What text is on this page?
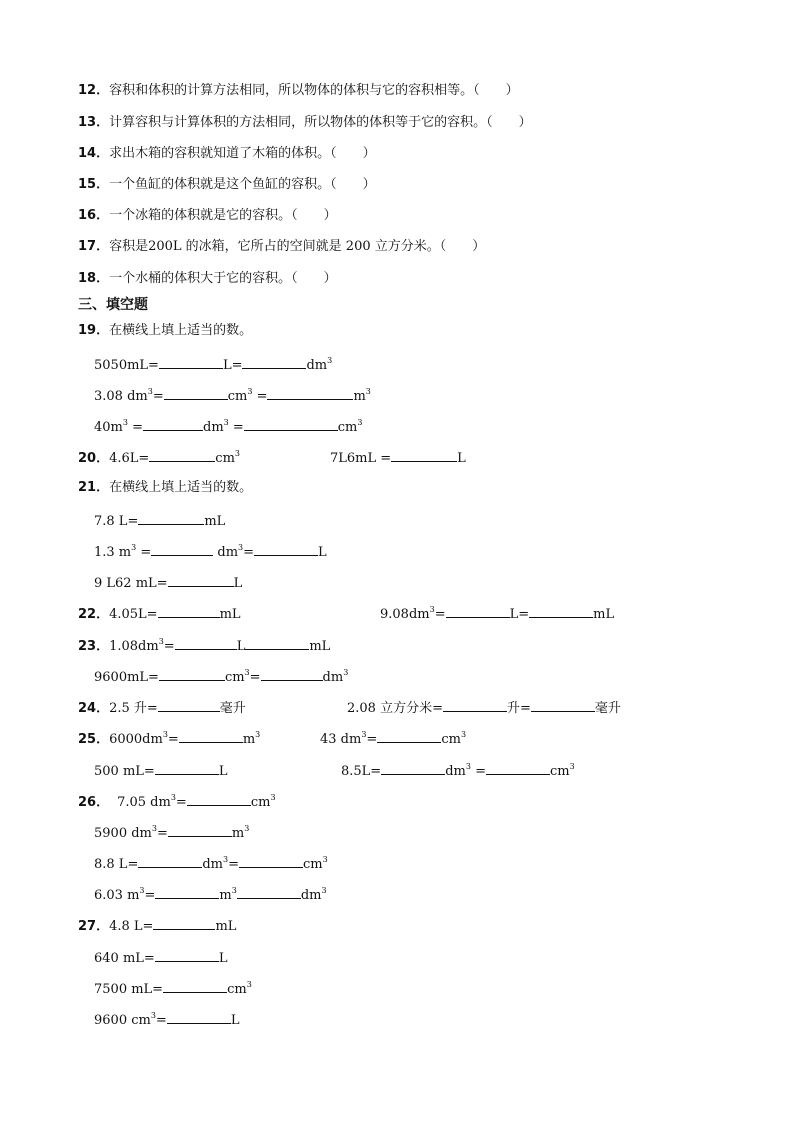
12．容积和体积的计算方法相同，所以物体的体积与它的容积相等。（　　）
13．计算容积与计算体积的方法相同，所以物体的体积等于它的容积。（　　）
14．求出木箱的容积就知道了木箱的体积。（　　）
15．一个鱼缸的体积就是这个鱼缸的容积。（　　）
16．一个冰箱的体积就是它的容积。（　　）
17．容积是200L 的冰箱，它所占的空间就是 200 立方分米。（　　）
18．一个水桶的体积大于它的容积。（　　）
三、填空题
19．在横线上填上适当的数。
5050mL=	L=	$dm^3$
3.08 $dm^3=$	$cm^3$ =	$m^3$
$40m^3$ =	$dm^3$ =	$cm^3$
20．4.6L=	$cm^3$	7L6mL =	L
21．在横线上填上适当的数。
7.8 L=	mL
1.3 $m^3$ =	$dm^3=$	L
9 L62 mL=	L
22．4.05L=	mL	$9.08dm^3=$	L=	mL
23．$1.08dm^3=$	L	mL
9600mL=	$cm^3=$	$dm^3$
24．2.5 升=	毫升	2.08 立方分米=	升=	毫升
25．$6000dm^3=$	$m^3$	43 $dm^3=$	$cm^3$
500 mL=	L	8.5L=	$dm^3$ =	$cm^3$
26． 7.05 $dm^3=$	$cm^3$
5900 $dm^3=$	$m^3$
8.8 L=	$dm^3=$	$cm^3$
6.03 $m^3=$	$m^3$	$dm^3$
27．4.8 L=	mL
640 mL=	L
7500 mL=	$cm^3$
9600 $cm^3=$	L
